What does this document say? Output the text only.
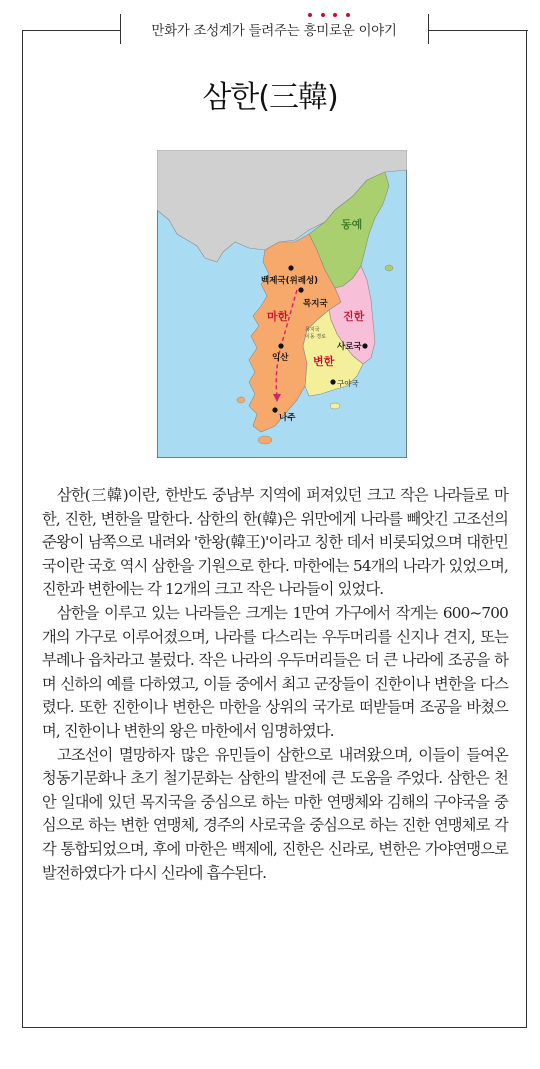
만화가 조성계가 들려주는 흥 미 로 운 이야기
삼한(三韓)
동예
백제국(위례성)
목지국
마한	진한
목지국
이동 경로
익산 변한
사로국
구야국
나주

삼한(三韓)이란, 한반도 중남부 지역에 퍼져있던 크고 작은 나라들로 마한, 진한, 변한을 말한다. 삼한의 한(韓)은 위만에게 나라를 빼앗긴 고조선의 준왕이 남쪽으로 내려와 '한왕(韓王)'이라고 칭한 데서 비롯되었으며 대한민국이란 국호 역시 삼한을 기원으로 한다. 마한에는 54개의 나라가 있었으며, 진한과 변한에는 각 12개의 크고 작은 나라들이 있었다.

삼한을 이루고 있는 나라들은 크게는 1만여 가구에서 작게는 600~700개의 가구로 이루어졌으며, 나라를 다스리는 우두머리를 신지나 견지, 또는 부례나 읍차라고 불렀다. 작은 나라의 우두머리들은 더 큰 나라에 조공을 하며 신하의 예를 다하였고, 이들 중에서 최고 군장들이 진한이나 변한을 다스렸다. 또한 진한이나 변한은 마한을 상위의 국가로 떠받들며 조공을 바쳤으며, 진한이나 변한의 왕은 마한에서 임명하였다.

고조선이 멸망하자 많은 유민들이 삼한으로 내려왔으며, 이들이 들여온 청동기문화나 초기 철기문화는 삼한의 발전에 큰 도움을 주었다. 삼한은 천안 일대에 있던 목지국을 중심으로 하는 마한 연맹체와 김해의 구야국을 중심으로 하는 변한 연맹체, 경주의 사로국을 중심으로 하는 진한 연맹체로 각각 통합되었으며, 후에 마한은 백제에, 진한은 신라로, 변한은 가야연맹으로 발전하였다가 다시 신라에 흡수된다.
